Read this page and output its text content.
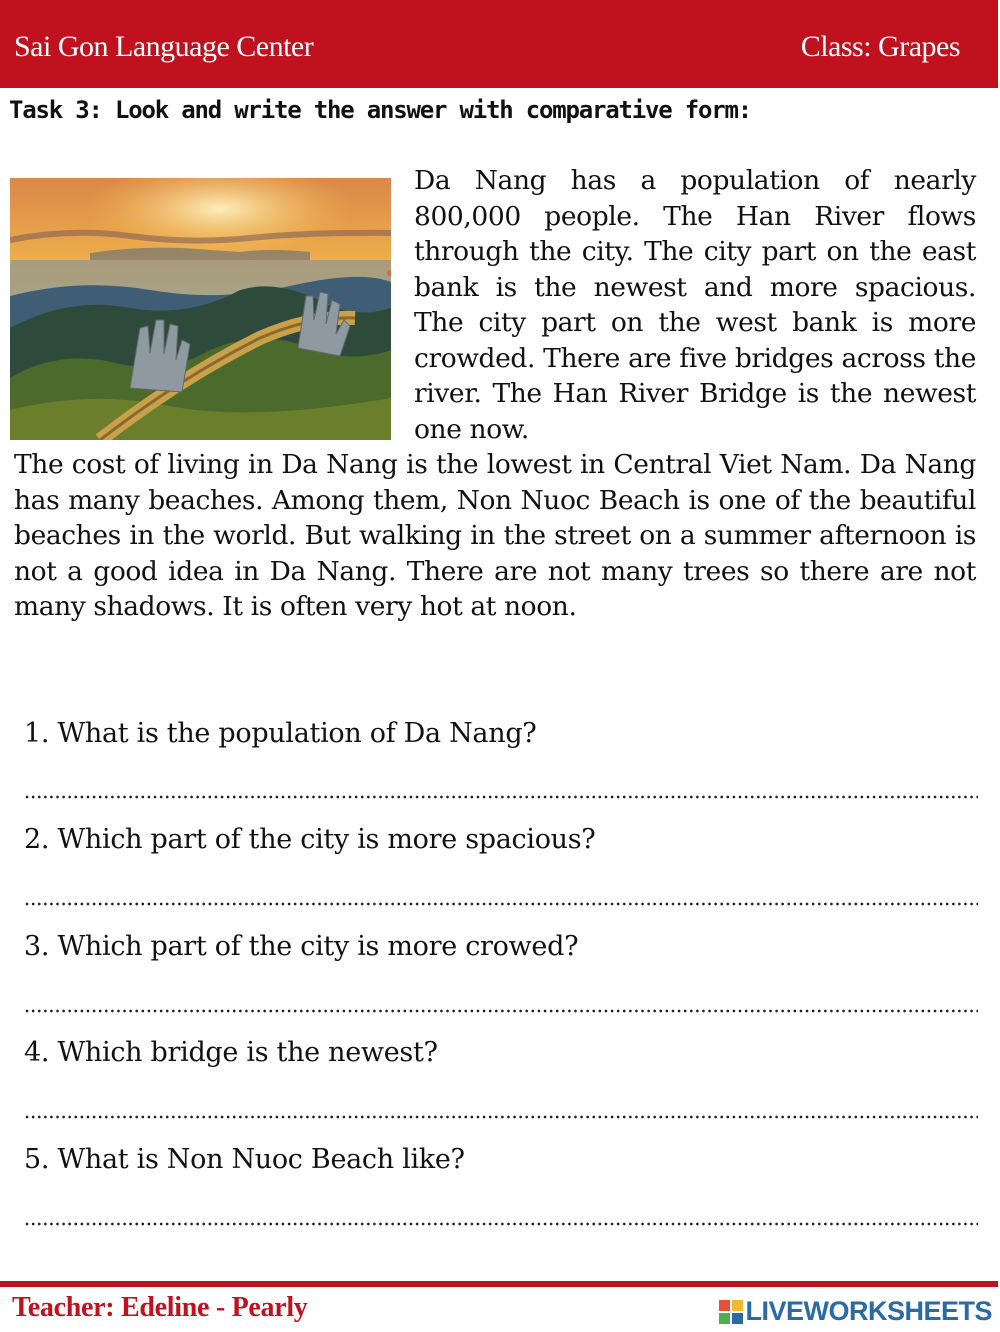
Sai Gon Language Center	Class: Grapes
Task 3: Look and write the answer with comparative form:
Da Nang has a population of nearly 800,000 people. The Han River flows through the city. The city part on the east bank is the newest and more spacious. The city part on the west bank is more crowded. There are five bridges across the river. The Han River Bridge is the newest one now.
The cost of living in Da Nang is the lowest in Central Viet Nam. Da Nang has many beaches. Among them, Non Nuoc Beach is one of the beautiful beaches in the world. But walking in the street on a summer afternoon is not a good idea in Da Nang. There are not many trees so there are not many shadows. It is often very hot at noon.
1. What is the population of Da Nang?
2. Which part of the city is more spacious?
3. Which part of the city is more crowed?
4. Which bridge is the newest?
5. What is Non Nuoc Beach like?
Teacher: Edeline - Pearly	LIVEWORKSHEETS
